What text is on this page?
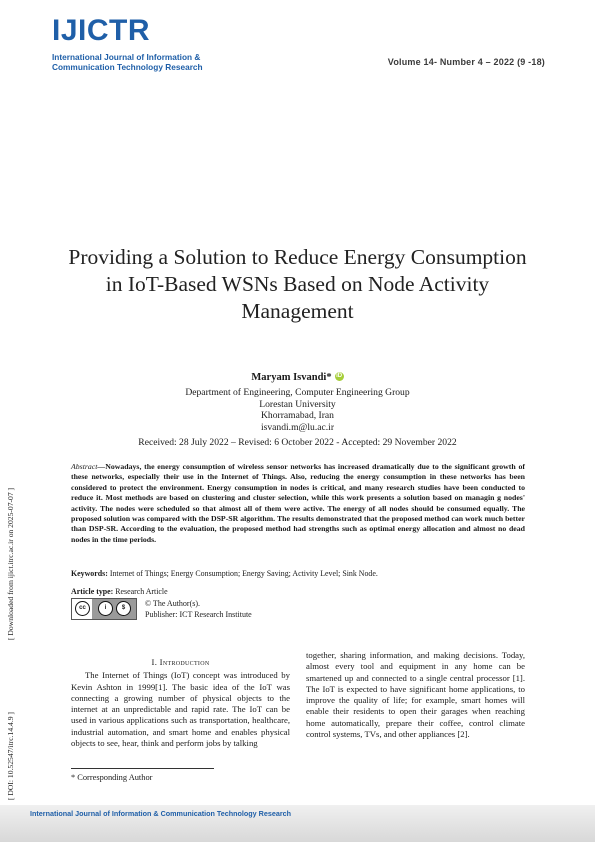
IJICTR
International Journal of Information &
Communication Technology Research	Volume 14- Number 4 – 2022 (9 -18)
Providing a Solution to Reduce Energy Consumption in IoT-Based WSNs Based on Node Activity Management
Maryam Isvandi* iD
Department of Engineering, Computer Engineering Group
Lorestan University
Khorramabad, Iran
isvandi.m@lu.ac.ir
Received: 28 July 2022 – Revised: 6 October 2022 - Accepted: 29 November 2022
Abstract—Nowadays, the energy consumption of wireless sensor networks has increased dramatically due to the significant growth of these networks, especially their use in the Internet of Things. Also, reducing the energy consumption in these networks has been considered to protect the environment. Energy consumption in nodes is critical, and many research studies have been conducted to reduce it. Most methods are based on clustering and cluster selection, while this work presents a solution based on managin g nodes' activity. The nodes were scheduled so that almost all of them were active. The energy of all nodes should be consumed equally. The proposed solution was compared with the DSP-SR algorithm. The results demonstrated that the proposed method can work much better than DSP-SR. According to the evaluation, the proposed method had strengths such as optimal energy allocation and almost no dead nodes in the time periods.
Keywords: Internet of Things; Energy Consumption; Energy Saving; Activity Level; Sink Node.
Article type: Research Article
cc	i	$	© The Author(s).
Publisher: ICT Research Institute
I. Introduction
The Internet of Things (IoT) concept was introduced by Kevin Ashton in 1999[1]. The basic idea of the IoT was connecting a growing number of physical objects to the internet at an unpredictable and rapid rate. The IoT can be used in various applications such as transportation, healthcare, industrial automation, and smart home and enables physical objects to see, hear, think and perform jobs by talking
together, sharing information, and making decisions. Today, almost every tool and equipment in any home can be smartened up and connected to a single central processor [1]. The IoT is expected to have significant home applications, to improve the quality of life; for example, smart homes will enable their residents to open their garages when reaching home automatically, prepare their coffee, control climate control systems, TVs, and other appliances [2].
* Corresponding Author
[ Downloaded from ijict.itrc.ac.ir on 2025-07-07 ]
[ DOI: 10.52547/itrc.14.4.9 ]
International Journal of Information & Communication Technology Research
